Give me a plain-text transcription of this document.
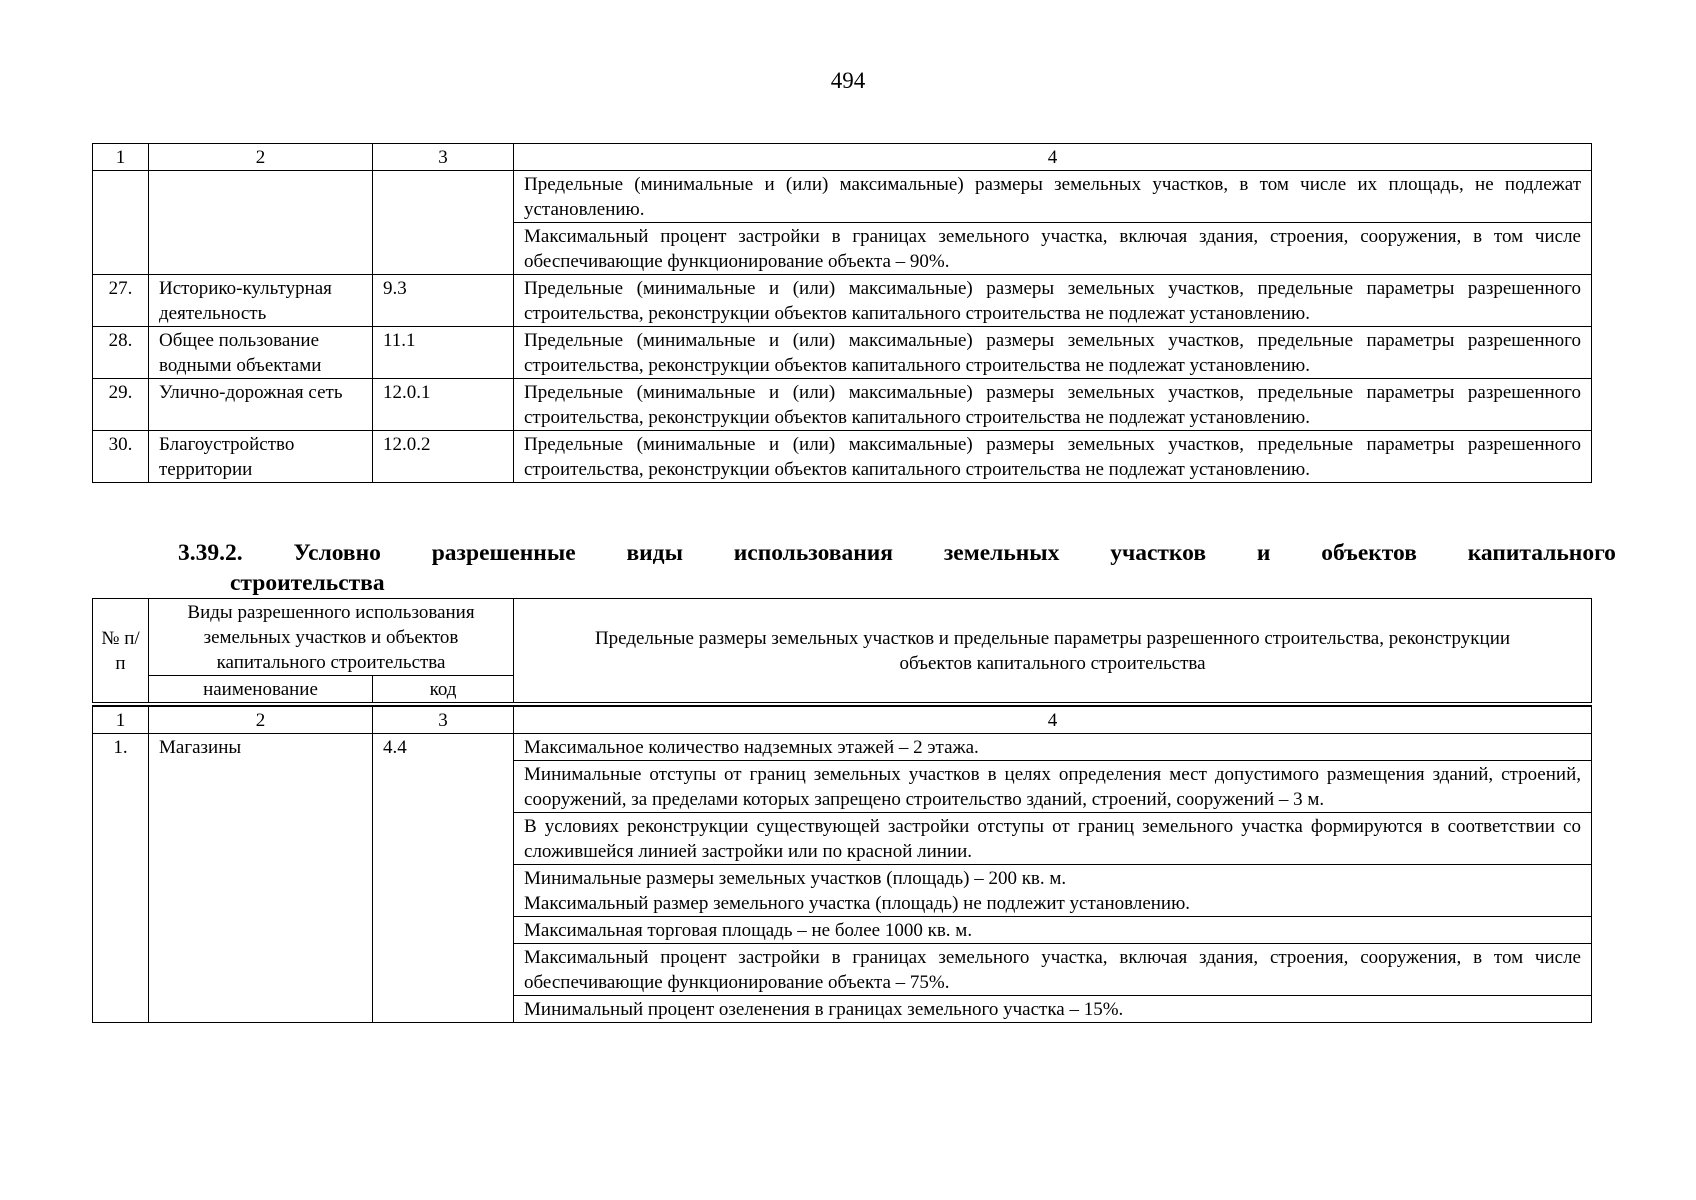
494
1	2	3	4
			Предельные (минимальные и (или) максимальные) размеры земельных участков, в том числе их площадь, не подлежат установлению.
			Максимальный процент застройки в границах земельного участка, включая здания, строения, сооружения, в том числе обеспечивающие функционирование объекта – 90%.
27.	Историко-культурная деятельность	9.3	Предельные (минимальные и (или) максимальные) размеры земельных участков, предельные параметры разрешенного строительства, реконструкции объектов капитального строительства не подлежат установлению.
28.	Общее пользование водными объектами	11.1	Предельные (минимальные и (или) максимальные) размеры земельных участков, предельные параметры разрешенного строительства, реконструкции объектов капитального строительства не подлежат установлению.
29.	Улично-дорожная сеть	12.0.1	Предельные (минимальные и (или) максимальные) размеры земельных участков, предельные параметры разрешенного строительства, реконструкции объектов капитального строительства не подлежат установлению.
30.	Благоустройство территории	12.0.2	Предельные (минимальные и (или) максимальные) размеры земельных участков, предельные параметры разрешенного строительства, реконструкции объектов капитального строительства не подлежат установлению.
3.39.2. Условно разрешенные виды использования земельных участков и объектов капитального
строительства
№ п/п	Виды разрешенного использования земельных участков и объектов капитального строительства		Предельные размеры земельных участков и предельные параметры разрешенного строительства, реконструкции объектов капитального строительства
	наименование	код	

1	2	3	4
1.	Магазины	4.4	Максимальное количество надземных этажей – 2 этажа.
			Минимальные отступы от границ земельных участков в целях определения мест допустимого размещения зданий, строений, сооружений, за пределами которых запрещено строительство зданий, строений, сооружений – 3 м.
			В условиях реконструкции существующей застройки отступы от границ земельного участка формируются в соответствии со сложившейся линией застройки или по красной линии.

			Минимальные размеры земельных участков (площадь) – 200 кв. м.
Максимальный размер земельного участка (площадь) не подлежит установлению.

			Максимальная торговая площадь – не более 1000 кв. м.
			Максимальный процент застройки в границах земельного участка, включая здания, строения, сооружения, в том числе обеспечивающие функционирование объекта – 75%.
			Минимальный процент озеленения в границах земельного участка – 15%.
